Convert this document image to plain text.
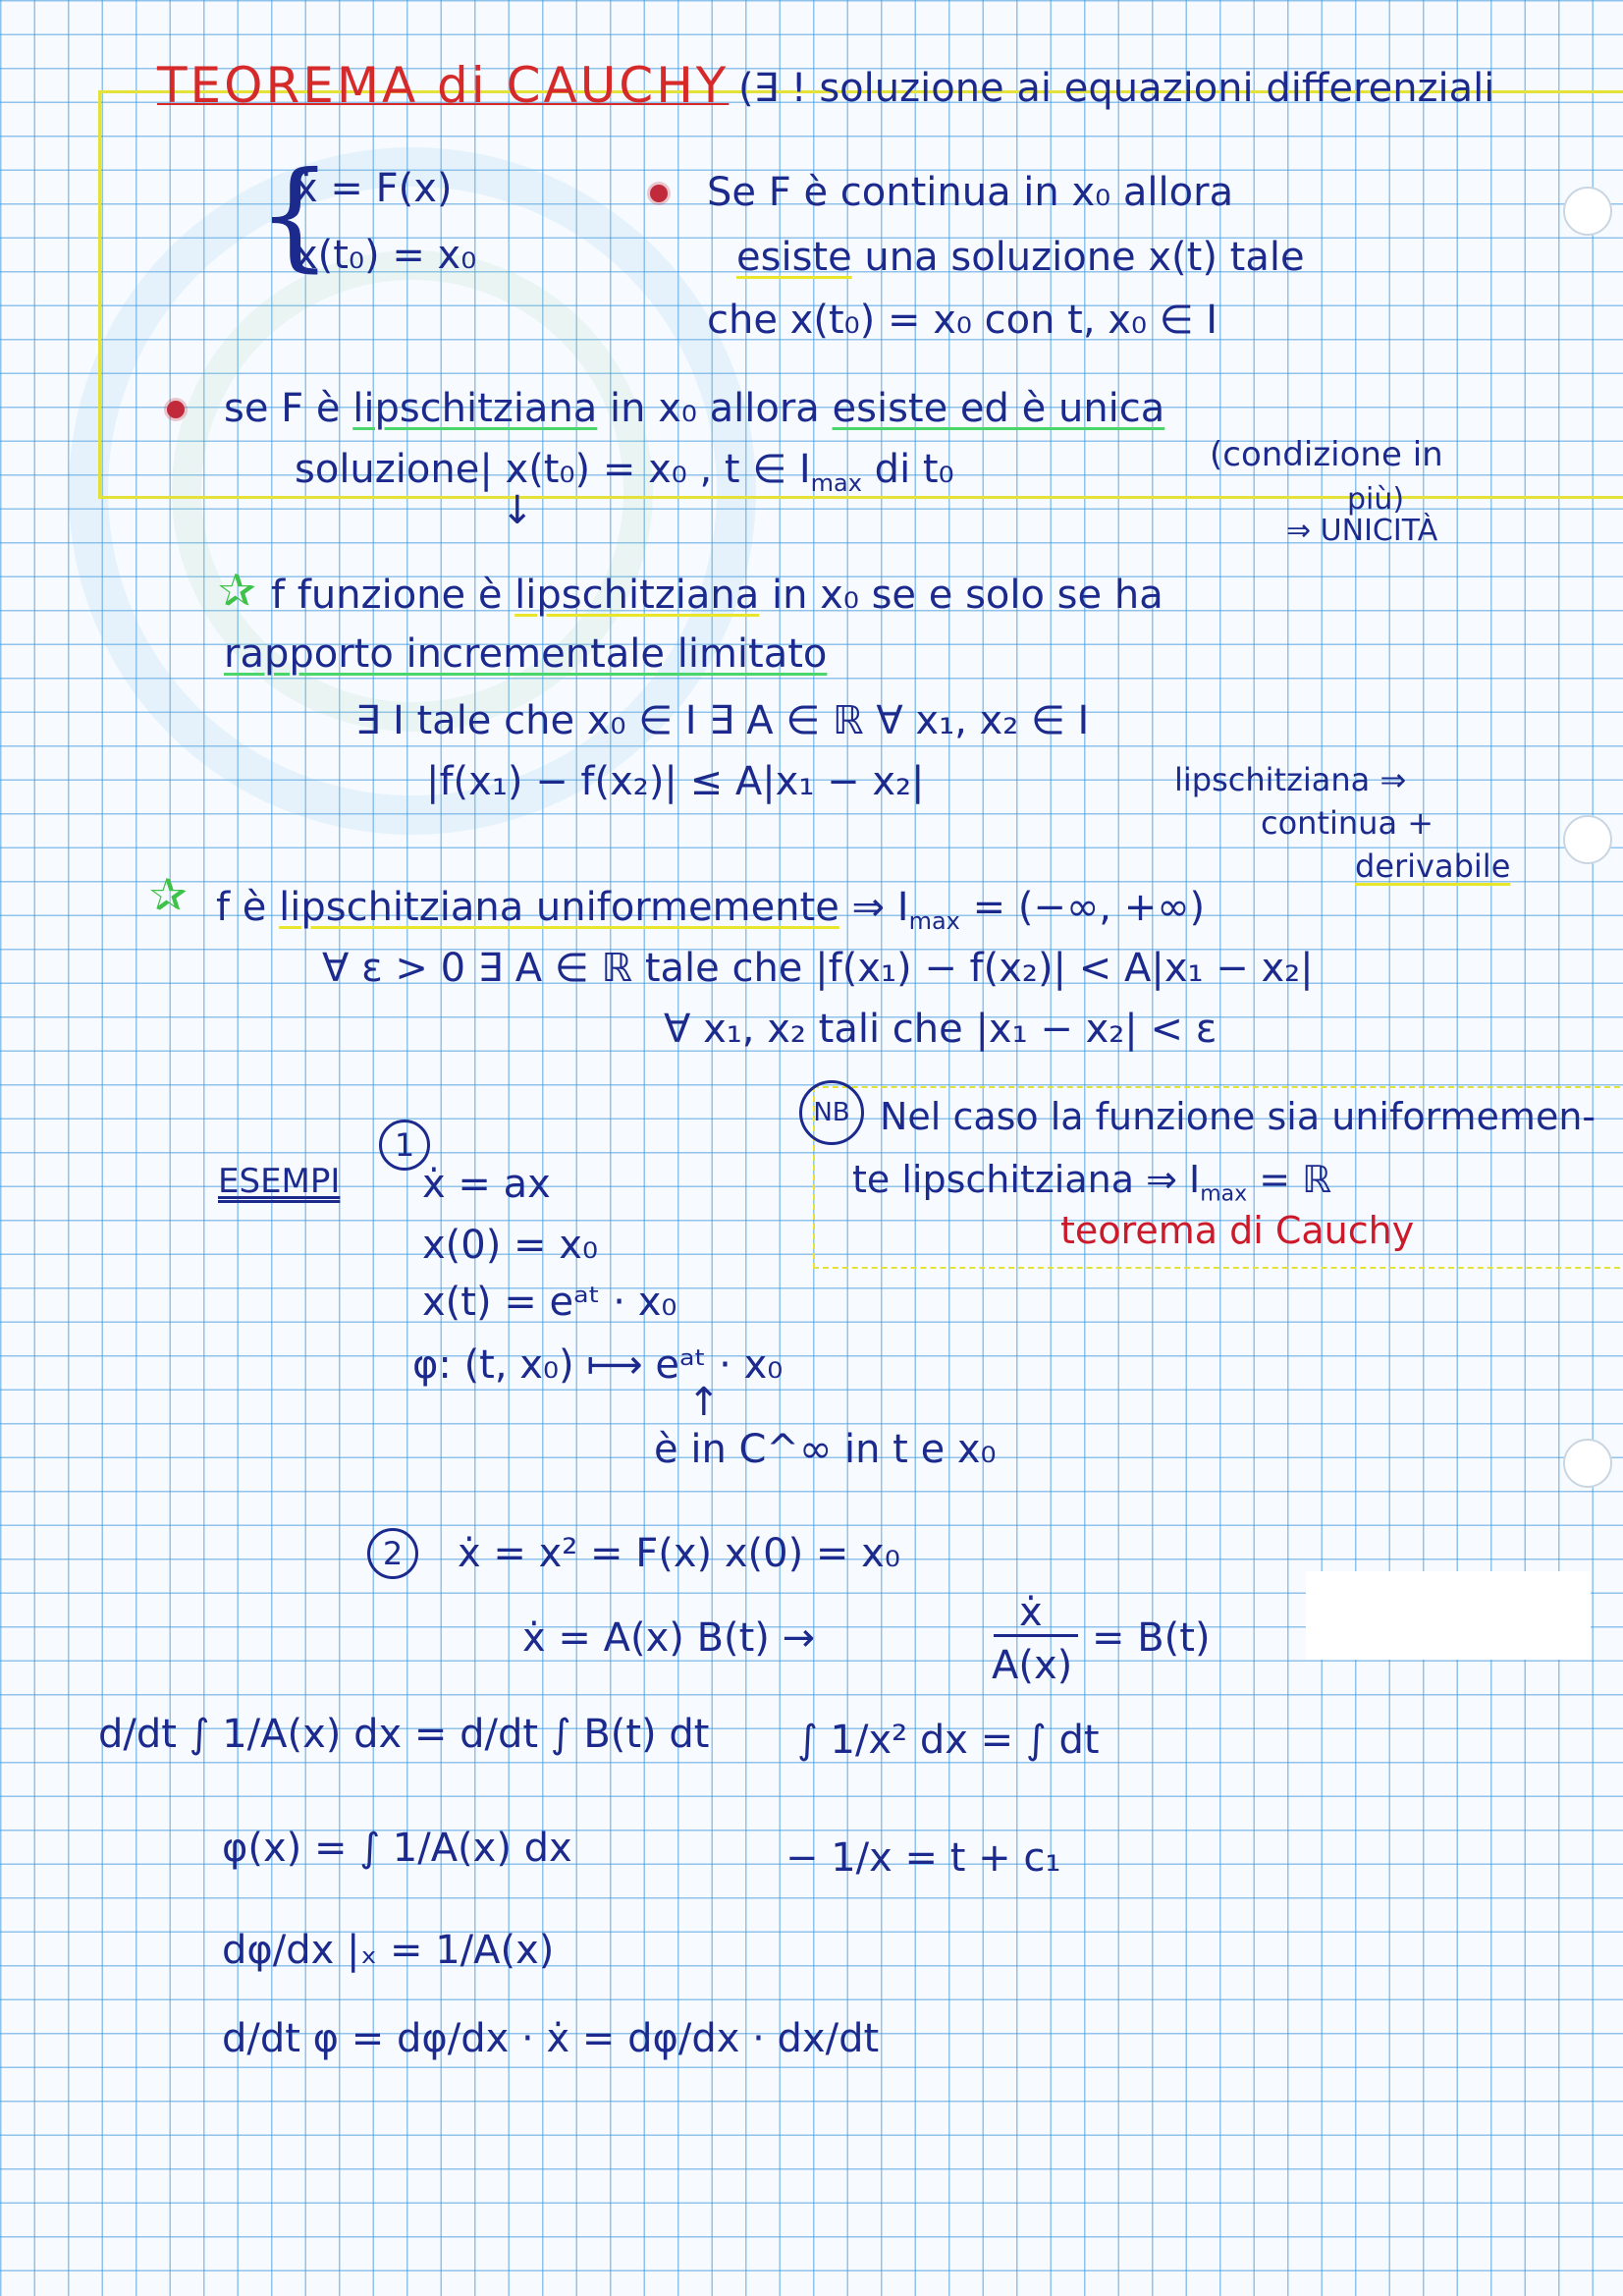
TEOREMA di CAUCHY (∃ ! soluzione ai equazioni differenziali
{
ẋ = F(x)
x(t₀) = x₀
Se F è continua in x₀ allora
esiste una soluzione x(t) tale
che x(t₀) = x₀ con t, x₀ ∈ I
se F è lipschitziana in x₀ allora esiste ed è unica
soluzione| x(t₀) = x₀ , t ∈ $I_{max}$ di t₀
↓
(condizione in
più)
⇒ UNICITÀ
✰ f funzione è lipschitziana in x₀ se e solo se ha
rapporto incrementale limitato
∃ I tale che x₀ ∈ I ∃ A ∈ ℝ ∀ x₁, x₂ ∈ I
|f(x₁) − f(x₂)| ≤ A|x₁ − x₂|	lipschitziana ⇒
continua +
derivabile
✰ f è lipschitziana uniformemente ⇒ $I_{max}$ = (−∞, +∞)
∀ ε > 0 ∃ A ∈ ℝ tale che |f(x₁) − f(x₂)| < A|x₁ − x₂|
∀ x₁, x₂ tali che |x₁ − x₂| < ε
NB Nel caso la funzione sia uniformemen-
te lipschitziana ⇒ $I_{max}$ = ℝ
teorema di Cauchy
ESEMPI
1
ẋ = ax
x(0) = x₀
x(t) = eᵃᵗ · x₀
φ: (t, x₀) ⟼ eᵃᵗ · x₀
↑
è in C^∞ in t e x₀
2	ẋ = x² = F(x) x(0) = x₀
ẋ = A(x) B(t) →
ẋ
A(x)
= B(t)
d/dt ∫ 1/A(x) dx = d/dt ∫ B(t) dt ∫ 1/x² dx = ∫ dt
φ(x) = ∫ 1/A(x) dx	− 1/x = t + c₁
dφ/dx |ₓ = 1/A(x)
d/dt φ = dφ/dx · ẋ = dφ/dx · dx/dt
